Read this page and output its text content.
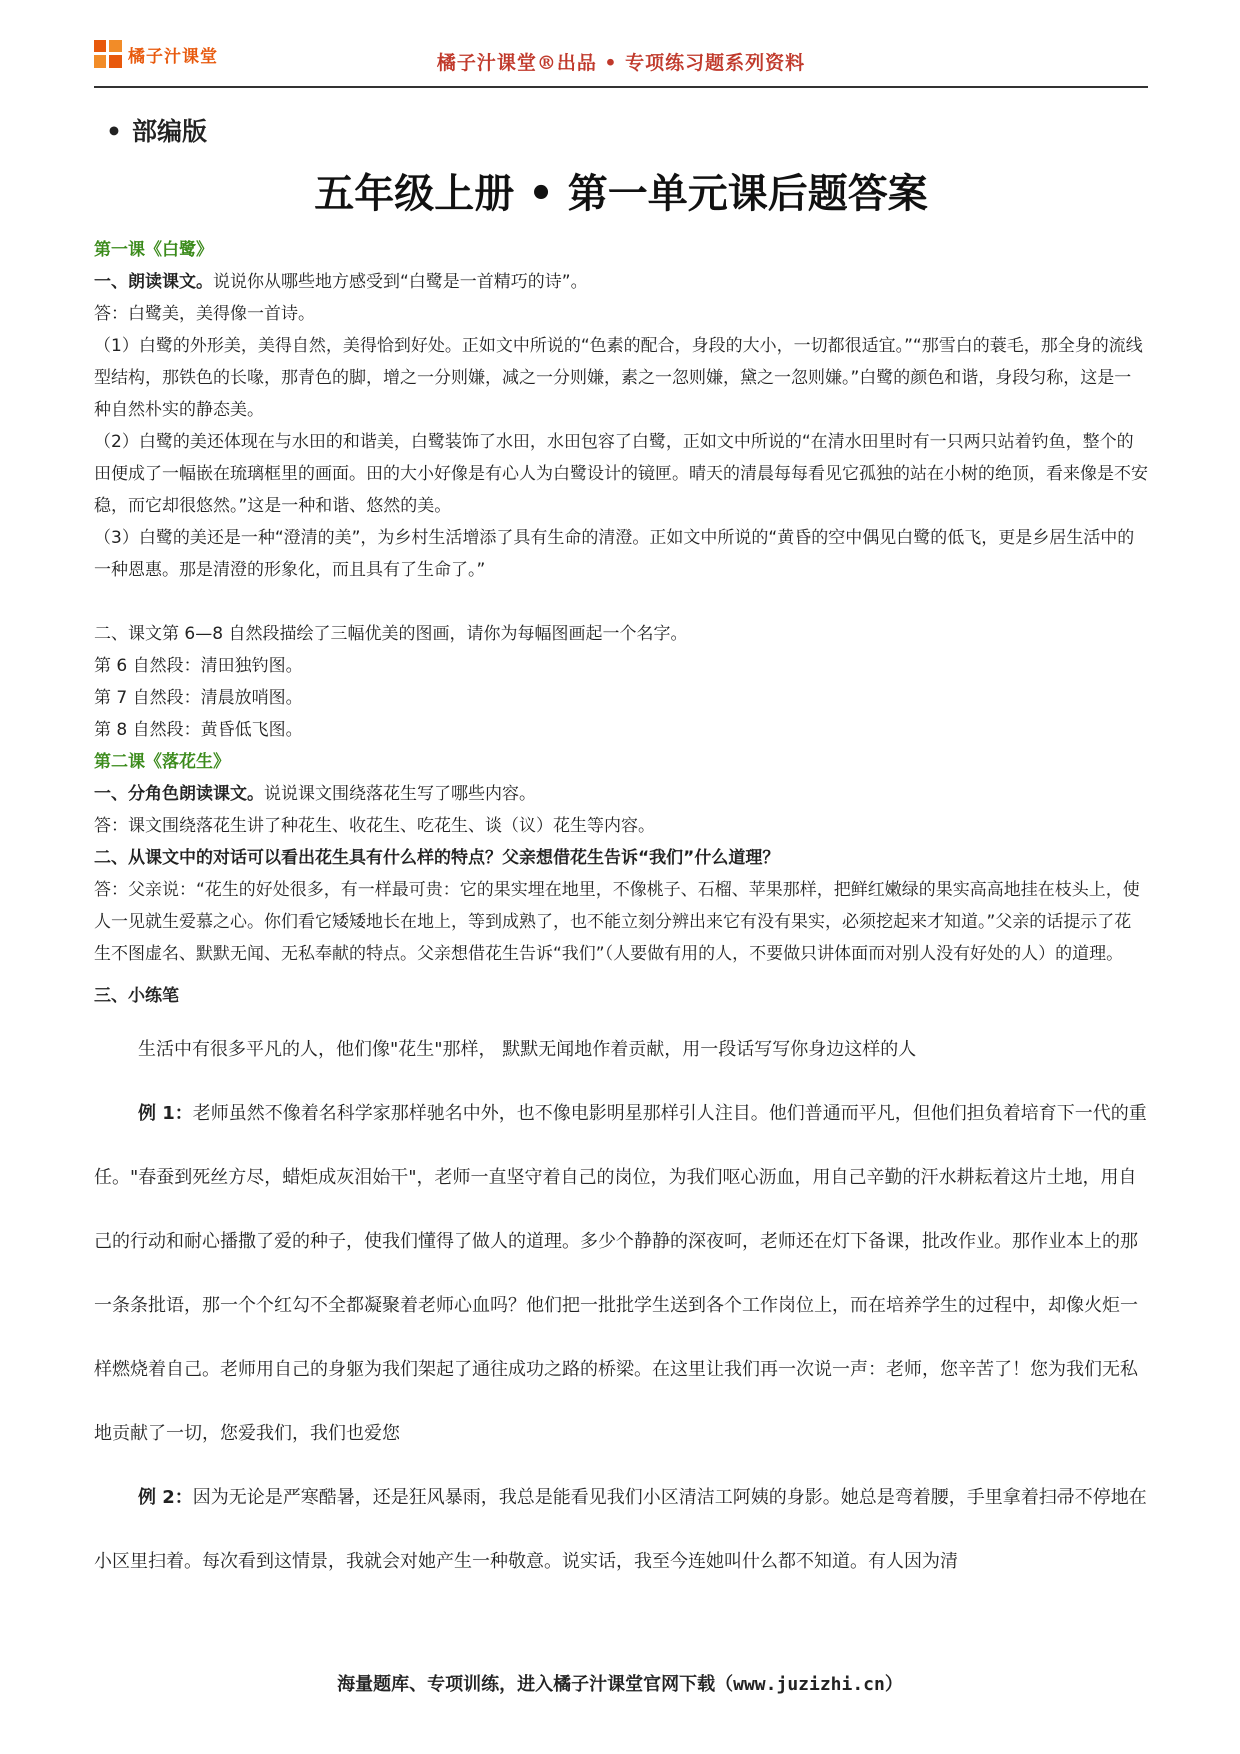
橘子汁课堂	橘子汁课堂®出品 • 专项练习题系列资料
• 部编版
五年级上册 • 第一单元课后题答案

第一课《白鹭》

一、朗读课文。说说你从哪些地方感受到“白鹭是一首精巧的诗”。

答：白鹭美，美得像一首诗。

（1）白鹭的外形美，美得自然，美得恰到好处。正如文中所说的“色素的配合，身段的大小，一切都很适宜。”“那雪白的蓑毛，那全身的流线型结构，那铁色的长喙，那青色的脚，增之一分则嫌，减之一分则嫌，素之一忽则嫌，黛之一忽则嫌。”白鹭的颜色和谐，身段匀称，这是一种自然朴实的静态美。

（2）白鹭的美还体现在与水田的和谐美，白鹭装饰了水田，水田包容了白鹭，正如文中所说的“在清水田里时有一只两只站着钓鱼，整个的田便成了一幅嵌在琉璃框里的画面。田的大小好像是有心人为白鹭设计的镜匣。晴天的清晨每每看见它孤独的站在小树的绝顶，看来像是不安稳，而它却很悠然。”这是一种和谐、悠然的美。

（3）白鹭的美还是一种“澄清的美”，为乡村生活增添了具有生命的清澄。正如文中所说的“黄昏的空中偶见白鹭的低飞，更是乡居生活中的一种恩惠。那是清澄的形象化，而且具有了生命了。”

二、课文第 6—8 自然段描绘了三幅优美的图画，请你为每幅图画起一个名字。

第 6 自然段：清田独钓图。

第 7 自然段：清晨放哨图。

第 8 自然段：黄昏低飞图。

第二课《落花生》

一、分角色朗读课文。说说课文围绕落花生写了哪些内容。

答：课文围绕落花生讲了种花生、收花生、吃花生、谈（议）花生等内容。

二、从课文中的对话可以看出花生具有什么样的特点？父亲想借花生告诉“我们”什么道理？

答：父亲说：“花生的好处很多，有一样最可贵：它的果实埋在地里，不像桃子、石榴、苹果那样，把鲜红嫩绿的果实高高地挂在枝头上，使人一见就生爱慕之心。你们看它矮矮地长在地上，等到成熟了，也不能立刻分辨出来它有没有果实，必须挖起来才知道。”父亲的话提示了花生不图虚名、默默无闻、无私奉献的特点。父亲想借花生告诉“我们”（人要做有用的人，不要做只讲体面而对别人没有好处的人）的道理。

三、小练笔

生活中有很多平凡的人，他们像"花生"那样， 默默无闻地作着贡献，用一段话写写你身边这样的人

例 1：老师虽然不像着名科学家那样驰名中外，也不像电影明星那样引人注目。他们普通而平凡，但他们担负着培育下一代的重任。"春蚕到死丝方尽，蜡炬成灰泪始干"，老师一直坚守着自己的岗位，为我们呕心沥血，用自己辛勤的汗水耕耘着这片土地，用自己的行动和耐心播撒了爱的种子，使我们懂得了做人的道理。多少个静静的深夜呵，老师还在灯下备课，批改作业。那作业本上的那一条条批语，那一个个红勾不全都凝聚着老师心血吗？他们把一批批学生送到各个工作岗位上，而在培养学生的过程中，却像火炬一样燃烧着自己。老师用自己的身躯为我们架起了通往成功之路的桥梁。在这里让我们再一次说一声：老师，您辛苦了！您为我们无私地贡献了一切，您爱我们，我们也爱您

例 2：因为无论是严寒酷暑，还是狂风暴雨，我总是能看见我们小区清洁工阿姨的身影。她总是弯着腰，手里拿着扫帚不停地在小区里扫着。每次看到这情景，我就会对她产生一种敬意。说实话，我至今连她叫什么都不知道。有人因为清

海量题库、专项训练，进入橘子汁课堂官网下载（www.juzizhi.cn）
